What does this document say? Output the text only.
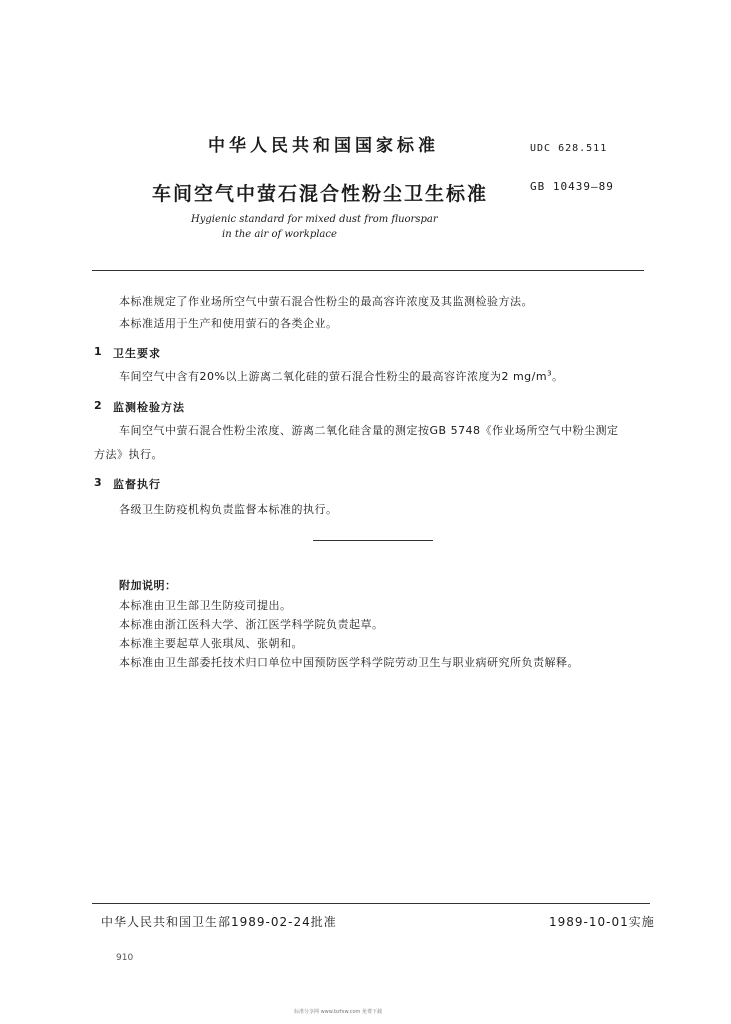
中华人民共和国国家标准	UDC 628.511
车间空气中萤石混合性粉尘卫生标准	GB 10439—89
Hygienic standard for mixed dust from fluorspar
in the air of workplace
本标准规定了作业场所空气中萤石混合性粉尘的最高容许浓度及其监测检验方法。
本标准适用于生产和使用萤石的各类企业。
1 卫生要求
车间空气中含有20%以上游离二氧化硅的萤石混合性粉尘的最高容许浓度为2 $mg/m^3$。
2 监测检验方法
车间空气中萤石混合性粉尘浓度、游离二氧化硅含量的测定按GB 5748《作业场所空气中粉尘测定
方法》执行。
3 监督执行
各级卫生防疫机构负责监督本标准的执行。
附加说明：
本标准由卫生部卫生防疫司提出。
本标准由浙江医科大学、浙江医学科学院负责起草。
本标准主要起草人张琪凤、张朝和。
本标准由卫生部委托技术归口单位中国预防医学科学院劳动卫生与职业病研究所负责解释。
中华人民共和国卫生部1989-02-24批准	1989-10-01实施
910
标准分享网 www.bzfxw.com 免费下载
